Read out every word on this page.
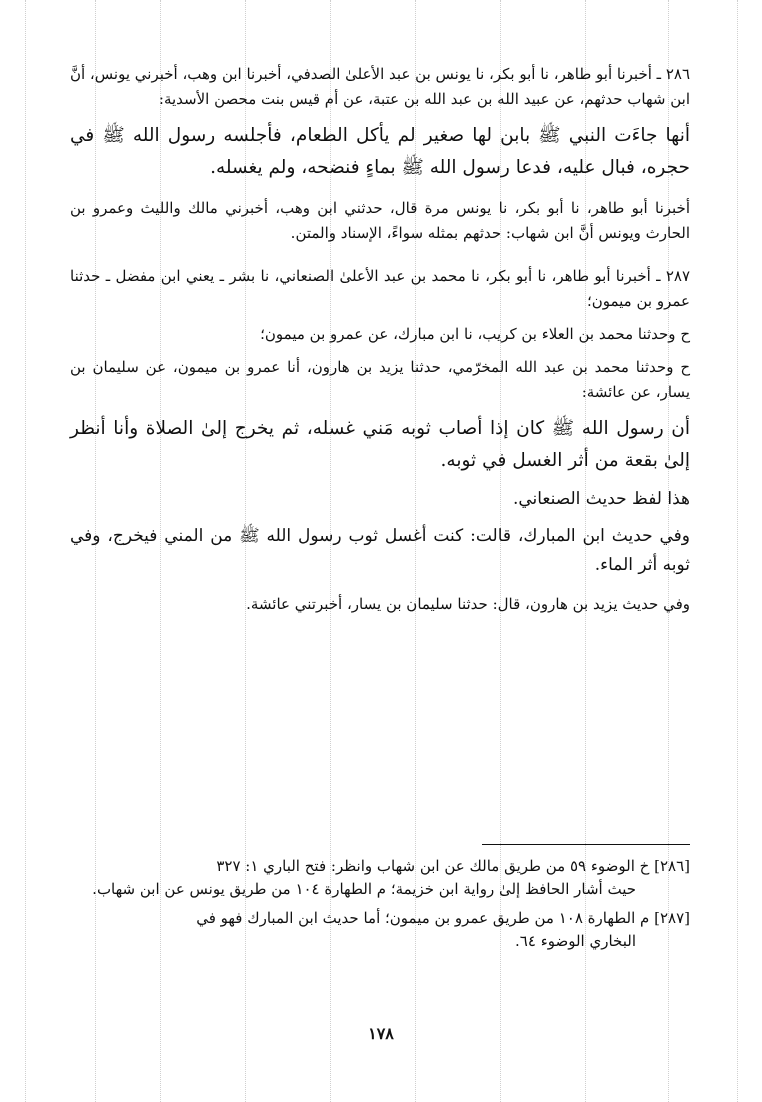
٢٨٦ ـ أخبرنا أبو طاهر، نا أبو بكر، نا يونس بن عبد الأعلىٰ الصدفي، أخبرنا ابن وهب، أخبرني يونس، أنَّ ابن شهاب حدثهم، عن عبيد الله بن عبد الله بن عتبة، عن أم قيس بنت محصن الأسدية:

أنها جاءَت النبي ﷺ بابن لها صغير لم يأكل الطعام، فأجلسه رسول الله ﷺ في حجره، فبال عليه، فدعا رسول الله ﷺ بماءٍ فنضحه، ولم يغسله.

أخبرنا أبو طاهر، نا أبو بكر، نا يونس مرة قال، حدثني ابن وهب، أخبرني مالك والليث وعمرو بن الحارث ويونس أنَّ ابن شهاب: حدثهم بمثله سواءً، الإسناد والمتن.

٢٨٧ ـ أخبرنا أبو طاهر، نا أبو بكر، نا محمد بن عبد الأعلىٰ الصنعاني، نا بشر ـ يعني ابن مفضل ـ حدثنا عمرو بن ميمون؛

ح وحدثنا محمد بن العلاء بن كريب، نا ابن مبارك، عن عمرو بن ميمون؛

ح وحدثنا محمد بن عبد الله المخرّمي، حدثنا يزيد بن هارون، أنا عمرو بن ميمون، عن سليمان بن يسار، عن عائشة:

أن رسول الله ﷺ كان إذا أصاب ثوبه مَني غسله، ثم يخرج إلىٰ الصلاة وأنا أنظر إلىٰ بقعة من أثر الغسل في ثوبه.

هذا لفظ حديث الصنعاني.

وفي حديث ابن المبارك، قالت: كنت أغسل ثوب رسول الله ﷺ من المني فيخرج، وفي ثوبه أثر الماء.

وفي حديث يزيد بن هارون، قال: حدثنا سليمان بن يسار، أخبرتني عائشة.

[٢٨٦] خ الوضوء ٥٩ من طريق مالك عن ابن شهاب وانظر: فتح الباري ١: ٣٢٧
حيث أشار الحافظ إلىٰ رواية ابن خزيمة؛ م الطهارة ١٠٤ من طريق يونس عن ابن شهاب.

[٢٨٧] م الطهارة ١٠٨ من طريق عمرو بن ميمون؛ أما حديث ابن المبارك فهو في
البخاري الوضوء ٦٤.

١٧٨
